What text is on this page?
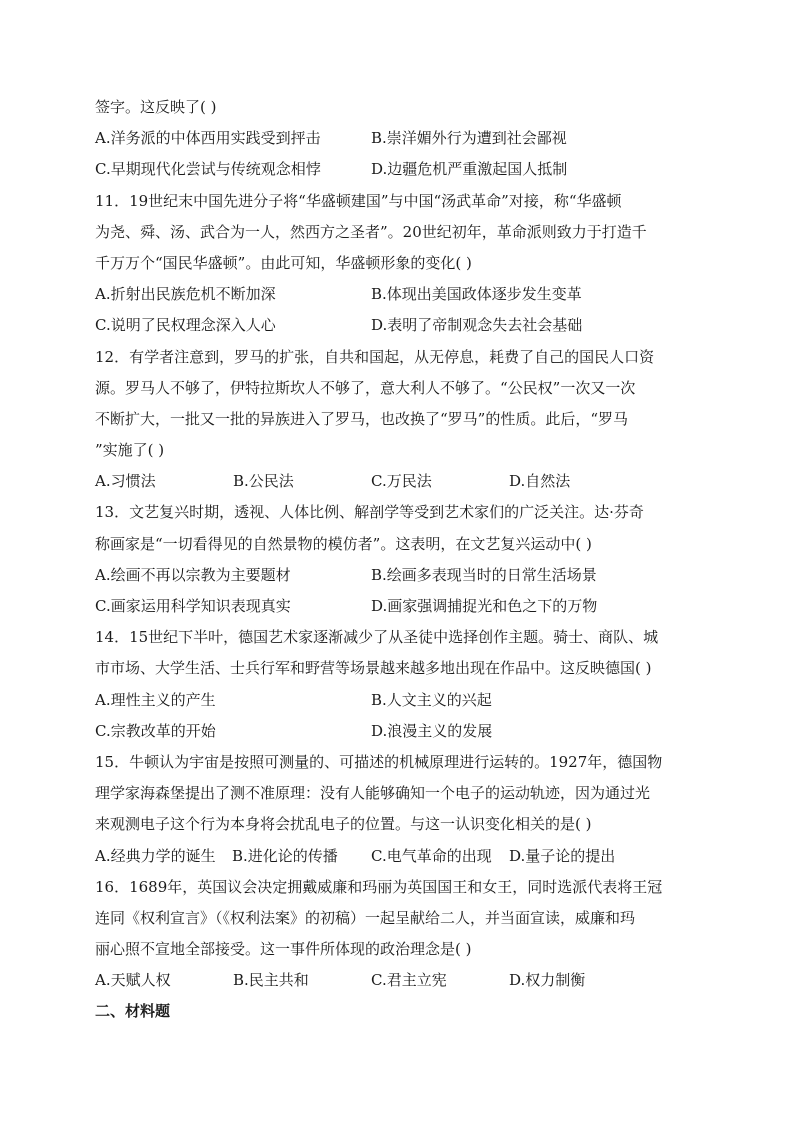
签字。这反映了( )
A.洋务派的中体西用实践受到抨击	B.崇洋媚外行为遭到社会鄙视
C.早期现代化尝试与传统观念相悖	D.边疆危机严重激起国人抵制
11．19世纪末中国先进分子将“华盛顿建国”与中国“汤武革命”对接，称“华盛顿
为尧、舜、汤、武合为一人，然西方之圣者”。20世纪初年，革命派则致力于打造千
千万万个“国民华盛顿”。由此可知，华盛顿形象的变化( )
A.折射出民族危机不断加深	B.体现出美国政体逐步发生变革
C.说明了民权理念深入人心	D.表明了帝制观念失去社会基础
12．有学者注意到，罗马的扩张，自共和国起，从无停息，耗费了自己的国民人口资
源。罗马人不够了，伊特拉斯坎人不够了，意大利人不够了。“公民权”一次又一次
不断扩大，一批又一批的异族进入了罗马，也改换了“罗马”的性质。此后，“罗马
”实施了( )
A.习惯法	B.公民法	C.万民法	D.自然法
13．文艺复兴时期，透视、人体比例、解剖学等受到艺术家们的广泛关注。达·芬奇
称画家是“一切看得见的自然景物的模仿者”。这表明，在文艺复兴运动中( )
A.绘画不再以宗教为主要题材	B.绘画多表现当时的日常生活场景
C.画家运用科学知识表现真实	D.画家强调捕捉光和色之下的万物
14．15世纪下半叶，德国艺术家逐渐减少了从圣徒中选择创作主题。骑士、商队、城
市市场、大学生活、士兵行军和野营等场景越来越多地出现在作品中。这反映德国( )
A.理性主义的产生	B.人文主义的兴起
C.宗教改革的开始	D.浪漫主义的发展
15．牛顿认为宇宙是按照可测量的、可描述的机械原理进行运转的。1927年，德国物
理学家海森堡提出了测不准原理：没有人能够确知一个电子的运动轨迹，因为通过光
来观测电子这个行为本身将会扰乱电子的位置。与这一认识变化相关的是( )
A.经典力学的诞生 B.进化论的传播 C.电气革命的出现 D.量子论的提出
16．1689年，英国议会决定拥戴威廉和玛丽为英国国王和女王，同时选派代表将王冠
连同《权利宣言》（《权利法案》的初稿）一起呈献给二人，并当面宣读，威廉和玛
丽心照不宣地全部接受。这一事件所体现的政治理念是( )
A.天赋人权	B.民主共和	C.君主立宪	D.权力制衡
二、材料题
